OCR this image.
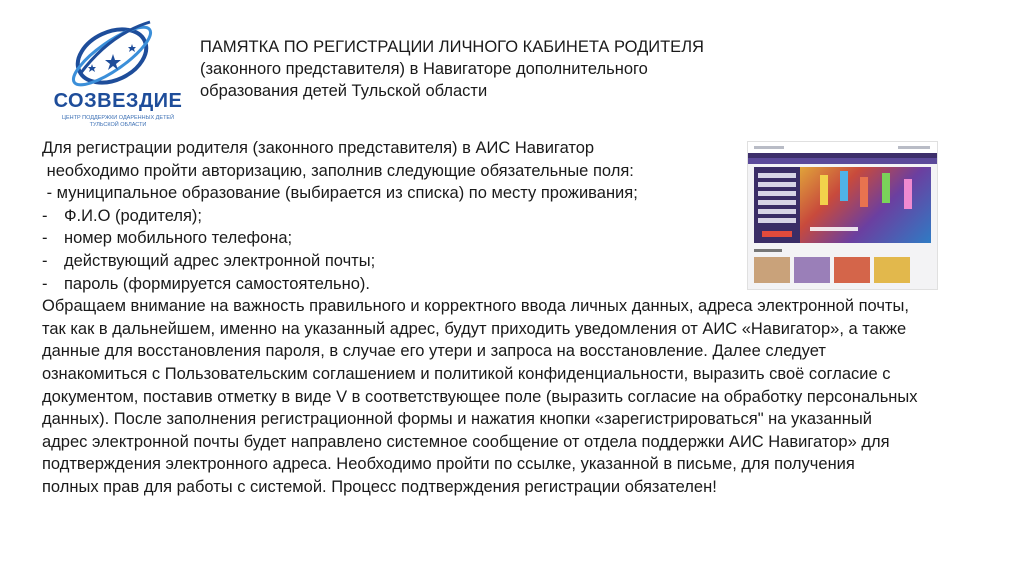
СОЗВЕЗДИЕ
ЦЕНТР ПОДДЕРЖКИ ОДАРЕННЫХ ДЕТЕЙ ТУЛЬСКОЙ ОБЛАСТИ
ПАМЯТКА ПО РЕГИСТРАЦИИ ЛИЧНОГО КАБИНЕТА РОДИТЕЛЯ
(законного представителя) в Навигаторе дополнительного
образования детей Тульской области
Для регистрации родителя (законного представителя) в АИС Навигатор
необходимо пройти авторизацию, заполнив следующие обязательные поля:
- муниципальное образование (выбирается из списка) по месту проживания;
- Ф.И.О (родителя);
- номер мобильного телефона;
- действующий адрес электронной почты;
- пароль (формируется самостоятельно).
Обращаем внимание на важность правильного и корректного ввода личных данных, адреса электронной почты,
так как в дальнейшем, именно на указанный адрес, будут приходить уведомления от АИС «Навигатор», а также
данные для восстановления пароля, в случае его утери и запроса на восстановление. Далее следует
ознакомиться с Пользовательским соглашением и политикой конфиденциальности, выразить своё согласие с
документом, поставив отметку в виде V в соответствующее поле (выразить согласие на обработку персональных
данных). После заполнения регистрационной формы и нажатия кнопки «зарегистрироваться" на указанный
адрес электронной почты будет направлено системное сообщение от отдела поддержки АИС Навигатор» для
подтверждения электронного адреса. Необходимо пройти по ссылке, указанной в письме, для получения
полных прав для работы с системой. Процесс подтверждения регистрации обязателен!
